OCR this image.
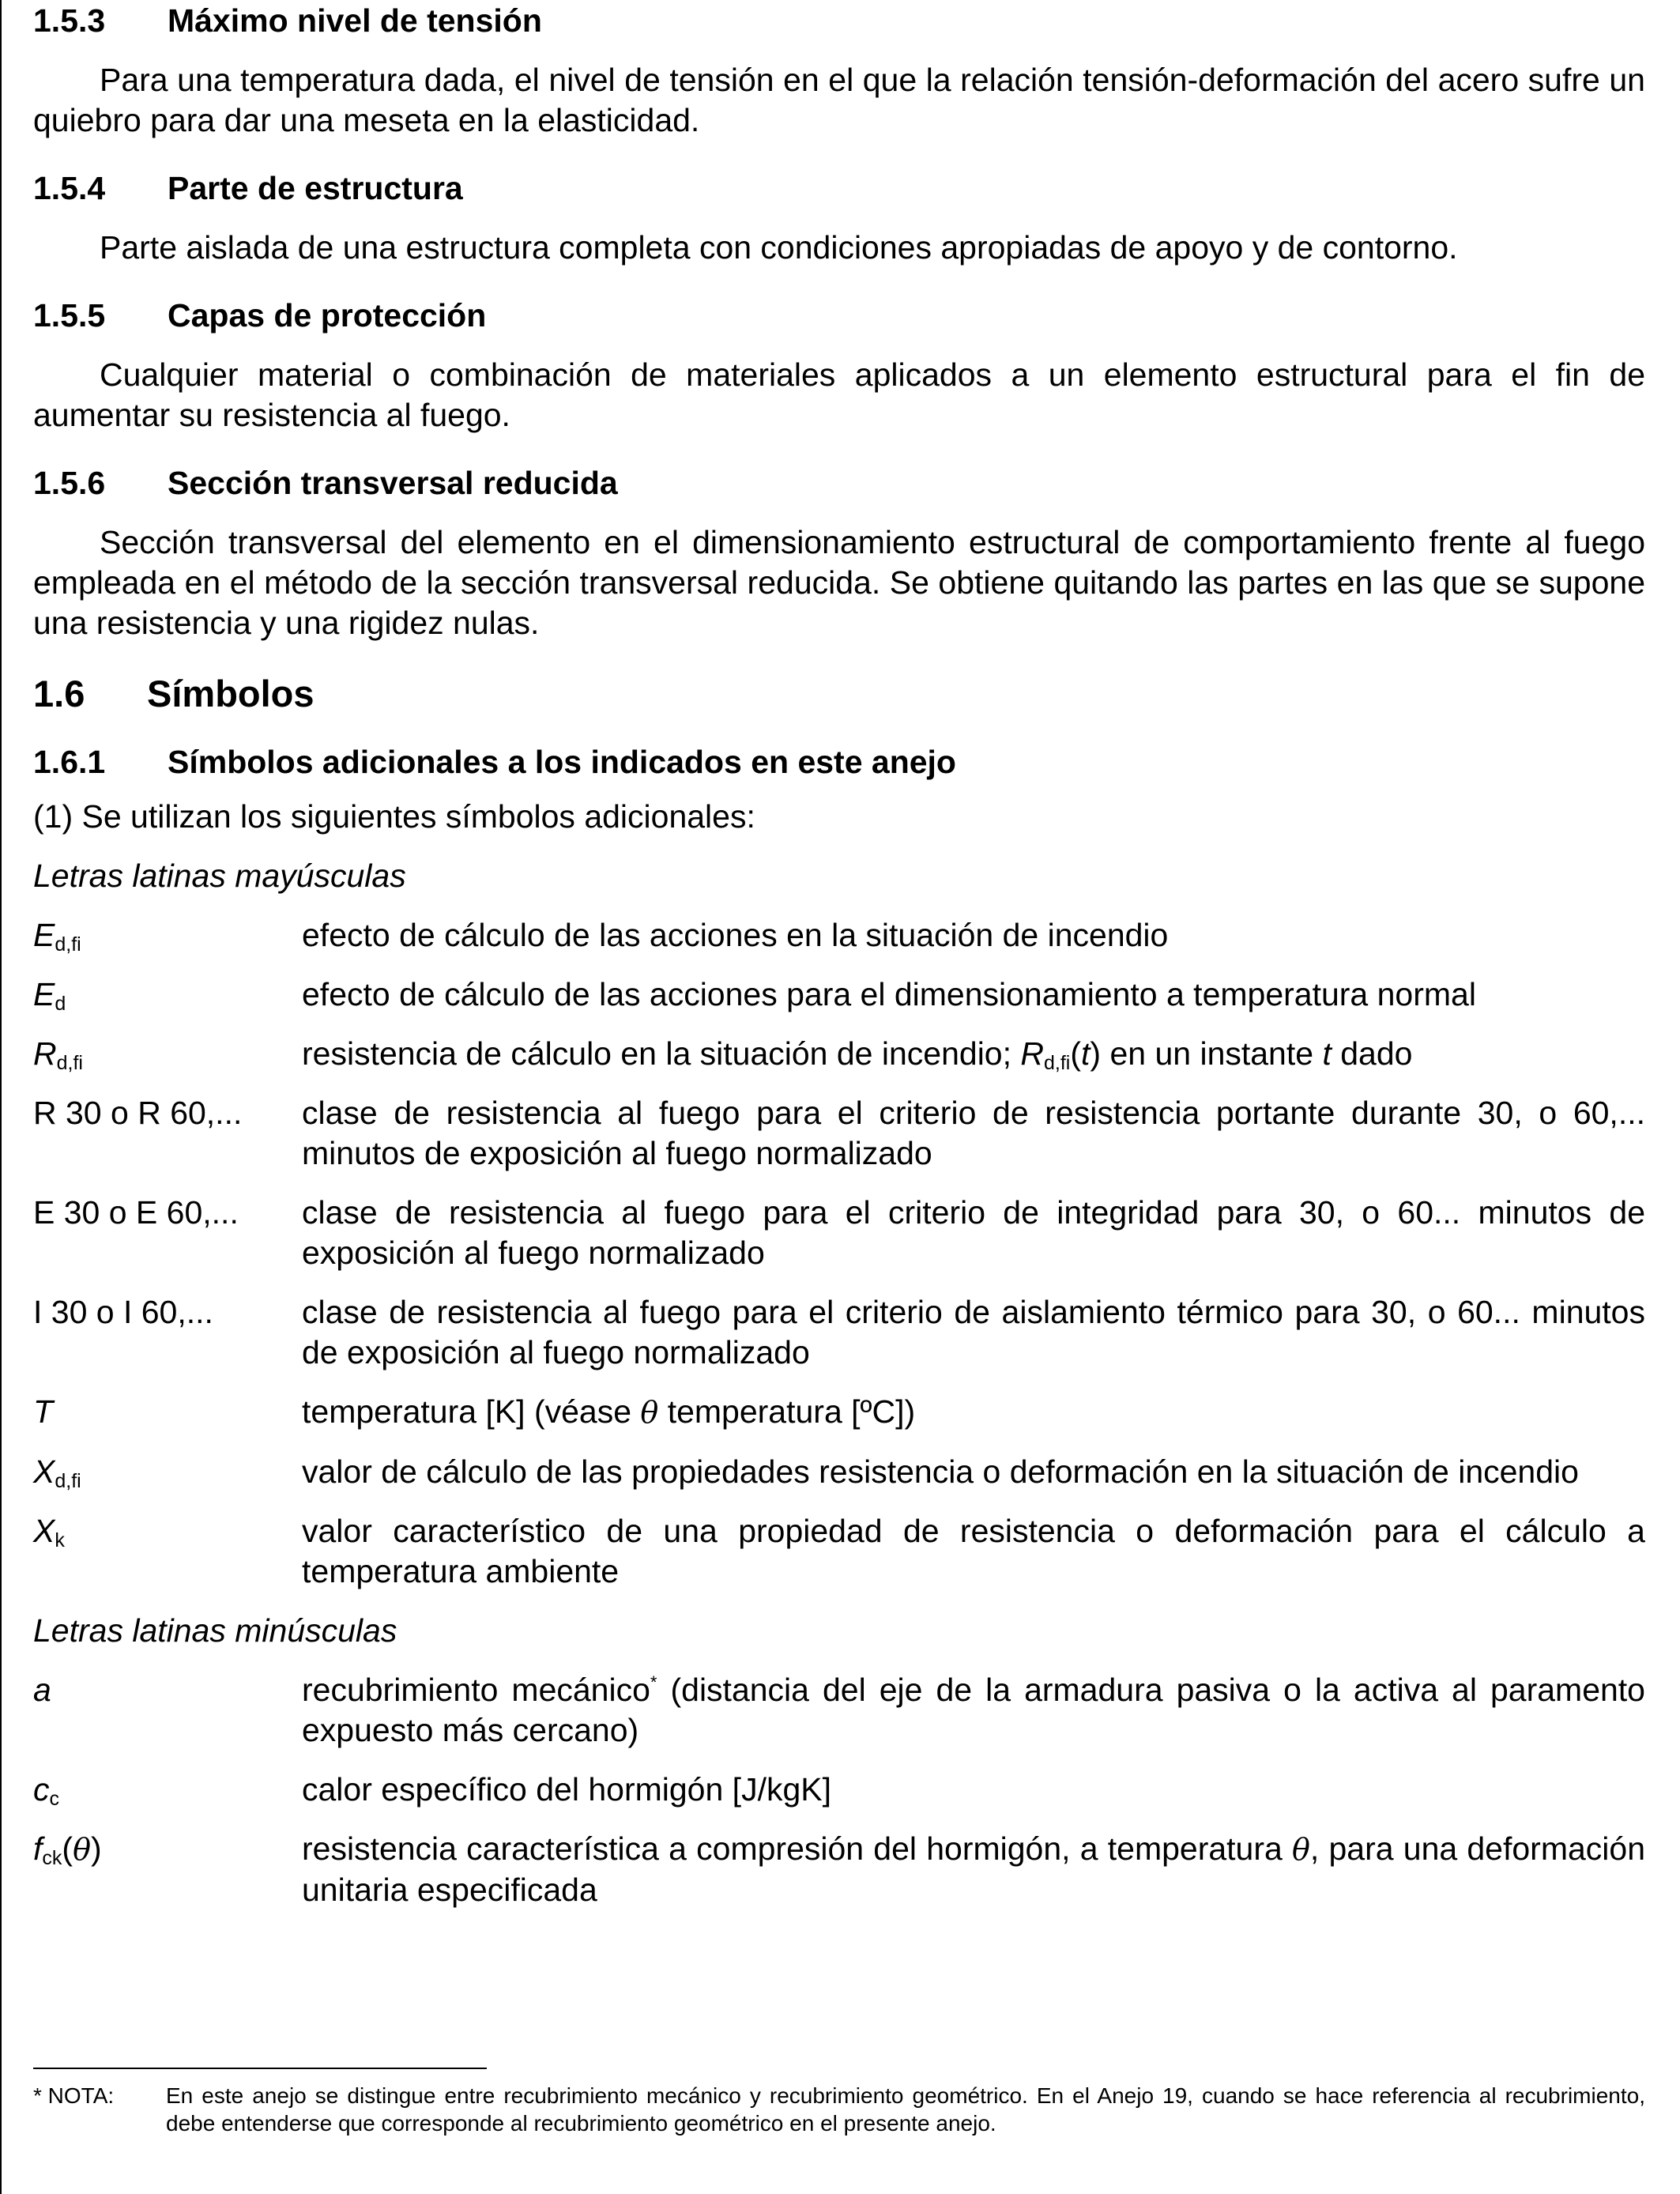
1.5.3	Máximo nivel de tensión

Para una temperatura dada, el nivel de tensión en el que la relación tensión-deformación del acero sufre un quiebro para dar una meseta en la elasticidad.

1.5.4	Parte de estructura

Parte aislada de una estructura completa con condiciones apropiadas de apoyo y de contorno.

1.5.5	Capas de protección

Cualquier material o combinación de materiales aplicados a un elemento estructural para el fin de aumentar su resistencia al fuego.

1.5.6	Sección transversal reducida

Sección transversal del elemento en el dimensionamiento estructural de comportamiento frente al fuego empleada en el método de la sección transversal reducida. Se obtiene quitando las partes en las que se supone una resistencia y una rigidez nulas.

1.6	Símbolos
1.6.1	Símbolos adicionales a los indicados en este anejo

(1) Se utilizan los siguientes símbolos adicionales:

Letras latinas mayúsculas

$E_{d,fi}$	efecto de cálculo de las acciones en la situación de incendio
$E_d$	efecto de cálculo de las acciones para el dimensionamiento a temperatura normal
$R_{d,fi}$	resistencia de cálculo en la situación de incendio; $R_{d,fi}(t)$ en un instante t dado
R 30 o R 60,...	clase de resistencia al fuego para el criterio de resistencia portante durante 30, o 60,... minutos de exposición al fuego normalizado
E 30 o E 60,...	clase de resistencia al fuego para el criterio de integridad para 30, o 60... minutos de exposición al fuego normalizado
I 30 o I 60,...	clase de resistencia al fuego para el criterio de aislamiento térmico para 30, o 60... minutos de exposición al fuego normalizado
T	temperatura [K] (véase θ temperatura [ºC])
$X_{d,fi}$	valor de cálculo de las propiedades resistencia o deformación en la situación de incendio
$X_k$	valor característico de una propiedad de resistencia o deformación para el cálculo a temperatura ambiente

Letras latinas minúsculas

a	recubrimiento mecánico* (distancia del eje de la armadura pasiva o la activa al paramento expuesto más cercano)
$c_c$	calor específico del hormigón [J/kgK]
$f_{ck}(\theta)$	resistencia característica a compresión del hormigón, a temperatura θ, para una deformación unitaria especificada
* NOTA:	En este anejo se distingue entre recubrimiento mecánico y recubrimiento geométrico. En el Anejo 19, cuando se hace referencia al recubrimiento, debe entenderse que corresponde al recubrimiento geométrico en el presente anejo.
